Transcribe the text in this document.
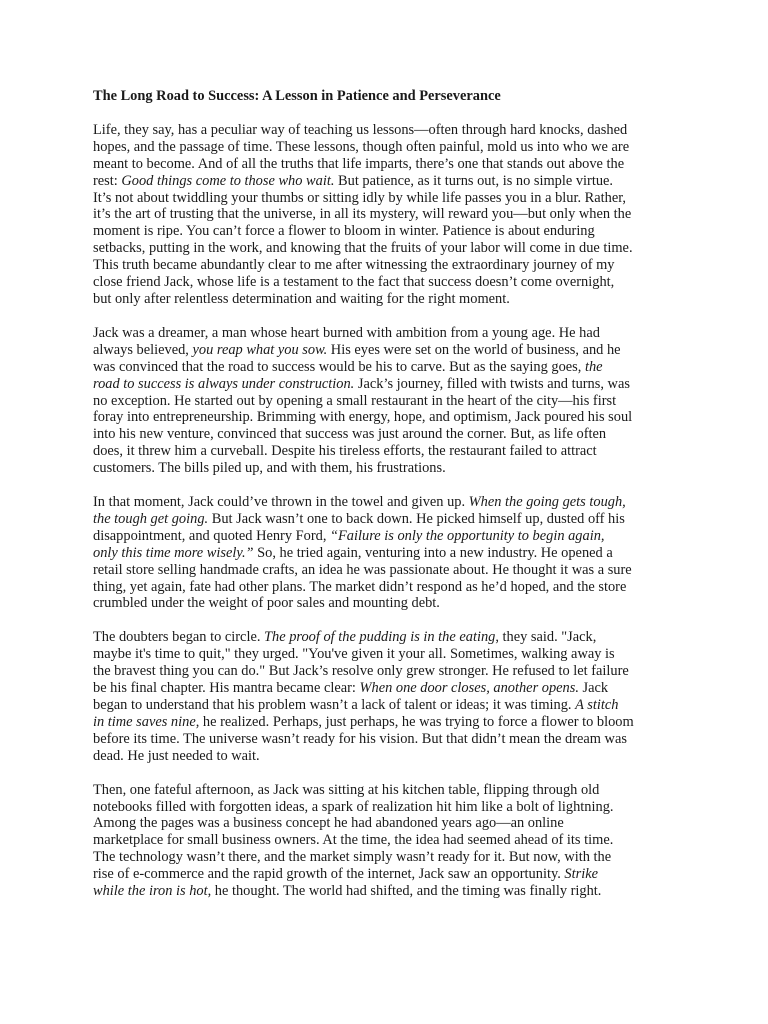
The Long Road to Success: A Lesson in Patience and Perseverance
Life, they say, has a peculiar way of teaching us lessons—often through hard knocks, dashed
hopes, and the passage of time. These lessons, though often painful, mold us into who we are
meant to become. And of all the truths that life imparts, there’s one that stands out above the
rest: Good things come to those who wait. But patience, as it turns out, is no simple virtue.
It’s not about twiddling your thumbs or sitting idly by while life passes you in a blur. Rather,
it’s the art of trusting that the universe, in all its mystery, will reward you—but only when the
moment is ripe. You can’t force a flower to bloom in winter. Patience is about enduring
setbacks, putting in the work, and knowing that the fruits of your labor will come in due time.
This truth became abundantly clear to me after witnessing the extraordinary journey of my
close friend Jack, whose life is a testament to the fact that success doesn’t come overnight,
but only after relentless determination and waiting for the right moment.
Jack was a dreamer, a man whose heart burned with ambition from a young age. He had
always believed, you reap what you sow. His eyes were set on the world of business, and he
was convinced that the road to success would be his to carve. But as the saying goes, the
road to success is always under construction. Jack’s journey, filled with twists and turns, was
no exception. He started out by opening a small restaurant in the heart of the city—his first
foray into entrepreneurship. Brimming with energy, hope, and optimism, Jack poured his soul
into his new venture, convinced that success was just around the corner. But, as life often
does, it threw him a curveball. Despite his tireless efforts, the restaurant failed to attract
customers. The bills piled up, and with them, his frustrations.
In that moment, Jack could’ve thrown in the towel and given up. When the going gets tough,
the tough get going. But Jack wasn’t one to back down. He picked himself up, dusted off his
disappointment, and quoted Henry Ford, “Failure is only the opportunity to begin again,
only this time more wisely.” So, he tried again, venturing into a new industry. He opened a
retail store selling handmade crafts, an idea he was passionate about. He thought it was a sure
thing, yet again, fate had other plans. The market didn’t respond as he’d hoped, and the store
crumbled under the weight of poor sales and mounting debt.
The doubters began to circle. The proof of the pudding is in the eating, they said. "Jack,
maybe it's time to quit," they urged. "You've given it your all. Sometimes, walking away is
the bravest thing you can do." But Jack’s resolve only grew stronger. He refused to let failure
be his final chapter. His mantra became clear: When one door closes, another opens. Jack
began to understand that his problem wasn’t a lack of talent or ideas; it was timing. A stitch
in time saves nine, he realized. Perhaps, just perhaps, he was trying to force a flower to bloom
before its time. The universe wasn’t ready for his vision. But that didn’t mean the dream was
dead. He just needed to wait.
Then, one fateful afternoon, as Jack was sitting at his kitchen table, flipping through old
notebooks filled with forgotten ideas, a spark of realization hit him like a bolt of lightning.
Among the pages was a business concept he had abandoned years ago—an online
marketplace for small business owners. At the time, the idea had seemed ahead of its time.
The technology wasn’t there, and the market simply wasn’t ready for it. But now, with the
rise of e-commerce and the rapid growth of the internet, Jack saw an opportunity. Strike
while the iron is hot, he thought. The world had shifted, and the timing was finally right.
